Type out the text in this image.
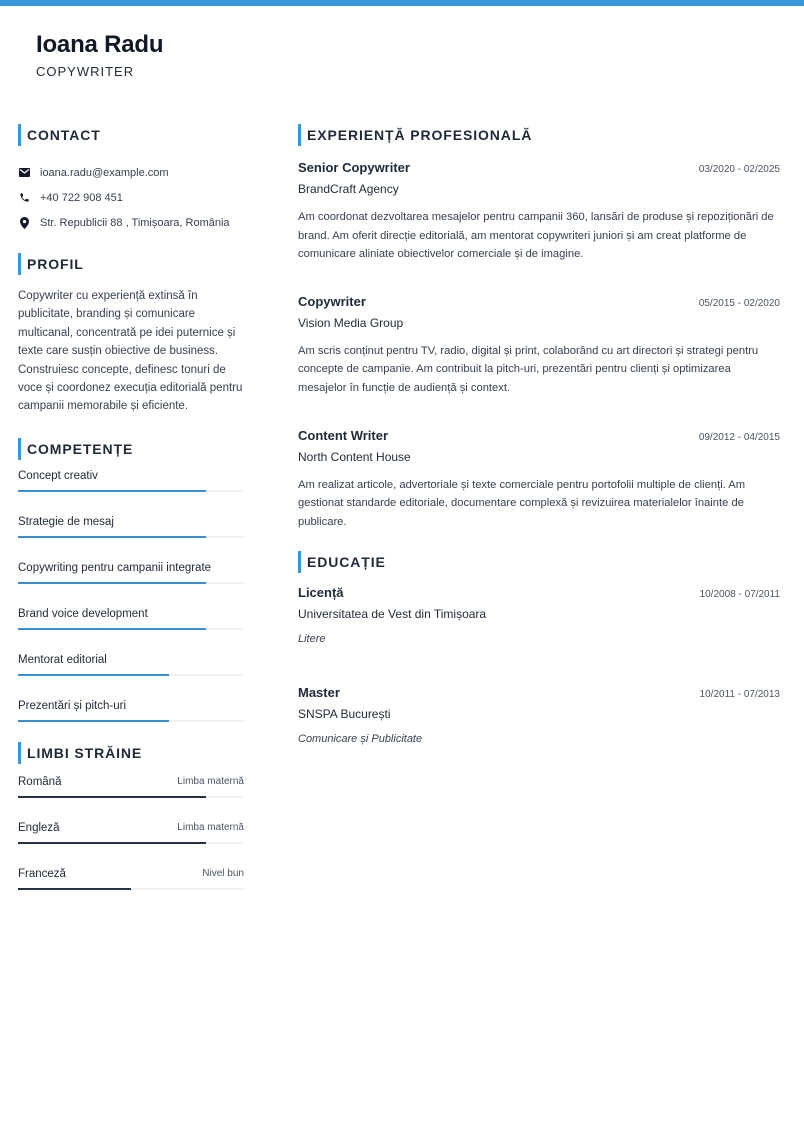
Ioana Radu
COPYWRITER
CONTACT
ioana.radu@example.com
+40 722 908 451
Str. Republicii 88 , Timișoara, România
PROFIL
Copywriter cu experiență extinsă în publicitate, branding și comunicare multicanal, concentrată pe idei puternice și texte care susțin obiective de business. Construiesc concepte, definesc tonuri de voce și coordonez execuția editorială pentru campanii memorabile și eficiente.
COMPETENȚE
Concept creativ
Strategie de mesaj
Copywriting pentru campanii integrate
Brand voice development
Mentorat editorial
Prezentări și pitch-uri
LIMBI STRĂINE
Română	Limba maternă
Engleză	Limba maternă
Franceză	Nivel bun
EXPERIENȚĂ PROFESIONALĂ
Senior Copywriter	03/2020 - 02/2025
BrandCraft Agency
Am coordonat dezvoltarea mesajelor pentru campanii 360, lansări de produse și repoziționări de brand. Am oferit direcție editorială, am mentorat copywriteri juniori și am creat platforme de comunicare aliniate obiectivelor comerciale și de imagine.
Copywriter	05/2015 - 02/2020
Vision Media Group
Am scris conținut pentru TV, radio, digital și print, colaborând cu art directori și strategi pentru concepte de campanie. Am contribuit la pitch-uri, prezentări pentru clienți și optimizarea mesajelor în funcție de audiență și context.
Content Writer	09/2012 - 04/2015
North Content House
Am realizat articole, advertoriale și texte comerciale pentru portofolii multiple de clienți. Am gestionat standarde editoriale, documentare complexă și revizuirea materialelor înainte de publicare.
EDUCAȚIE
Licență	10/2008 - 07/2011
Universitatea de Vest din Timișoara
Litere
Master	10/2011 - 07/2013
SNSPA București
Comunicare și Publicitate
